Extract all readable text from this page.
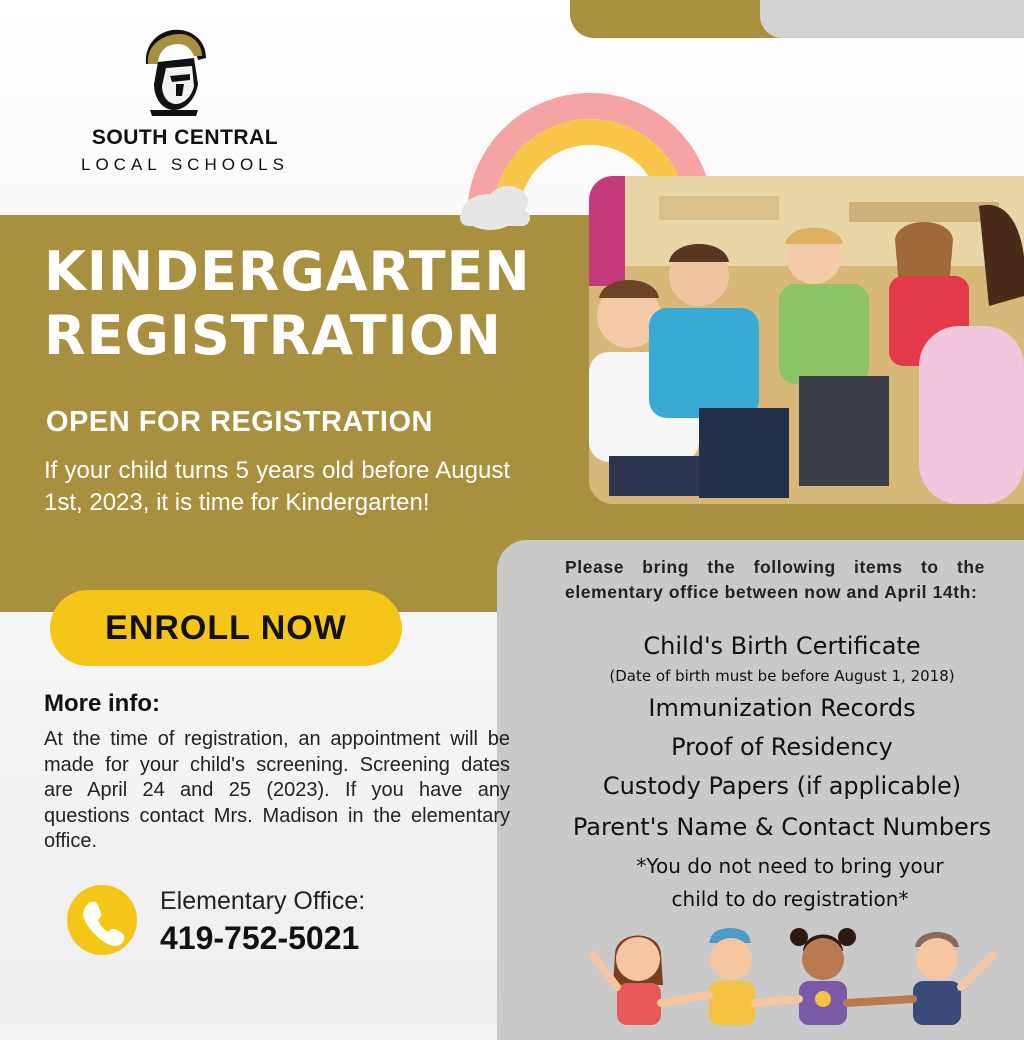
SOUTH CENTRAL
LOCAL SCHOOLS
KINDERGARTEN
REGISTRATION
OPEN FOR REGISTRATION
If your child turns 5 years old before August 1st, 2023, it is time for Kindergarten!
ENROLL NOW
More info:
At the time of registration, an appointment will be made for your child's screening. Screening dates are April 24 and 25 (2023). If you have any questions contact Mrs. Madison in the elementary office.
Elementary Office:
419-752-5021
Please bring the following items to the elementary office between now and April 14th:
Child's Birth Certificate
(Date of birth must be before August 1, 2018)
Immunization Records
Proof of Residency
Custody Papers (if applicable)
Parent's Name & Contact Numbers
*You do not need to bring your
child to do registration*
